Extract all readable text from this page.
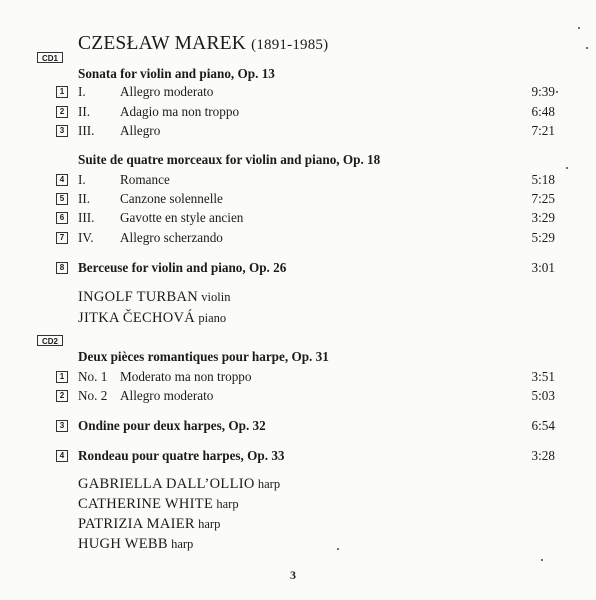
CZESŁAW MAREK (1891-1985)
CD1
Sonata for violin and piano, Op. 13
1 I.	Allegro moderato	9:39
2 II. Adagio ma non troppo	6:48
3 III. Allegro	7:21
Suite de quatre morceaux for violin and piano, Op. 18
4 I.	Romance	5:18
5 II. Canzone solennelle	7:25
6 III. Gavotte en style ancien	3:29
7 IV. Allegro scherzando	5:29
8 Berceuse for violin and piano, Op. 26	3:01
INGOLF TURBAN violin
JITKA ČECHOVÁ piano
CD2
Deux pièces romantiques pour harpe, Op. 31
1 No. 1 Moderato ma non troppo	3:51
2 No. 2 Allegro moderato	5:03
3 Ondine pour deux harpes, Op. 32	6:54
4 Rondeau pour quatre harpes, Op. 33	3:28
GABRIELLA DALL’OLLIO harp
CATHERINE WHITE harp
PATRIZIA MAIER harp
HUGH WEBB harp
3
